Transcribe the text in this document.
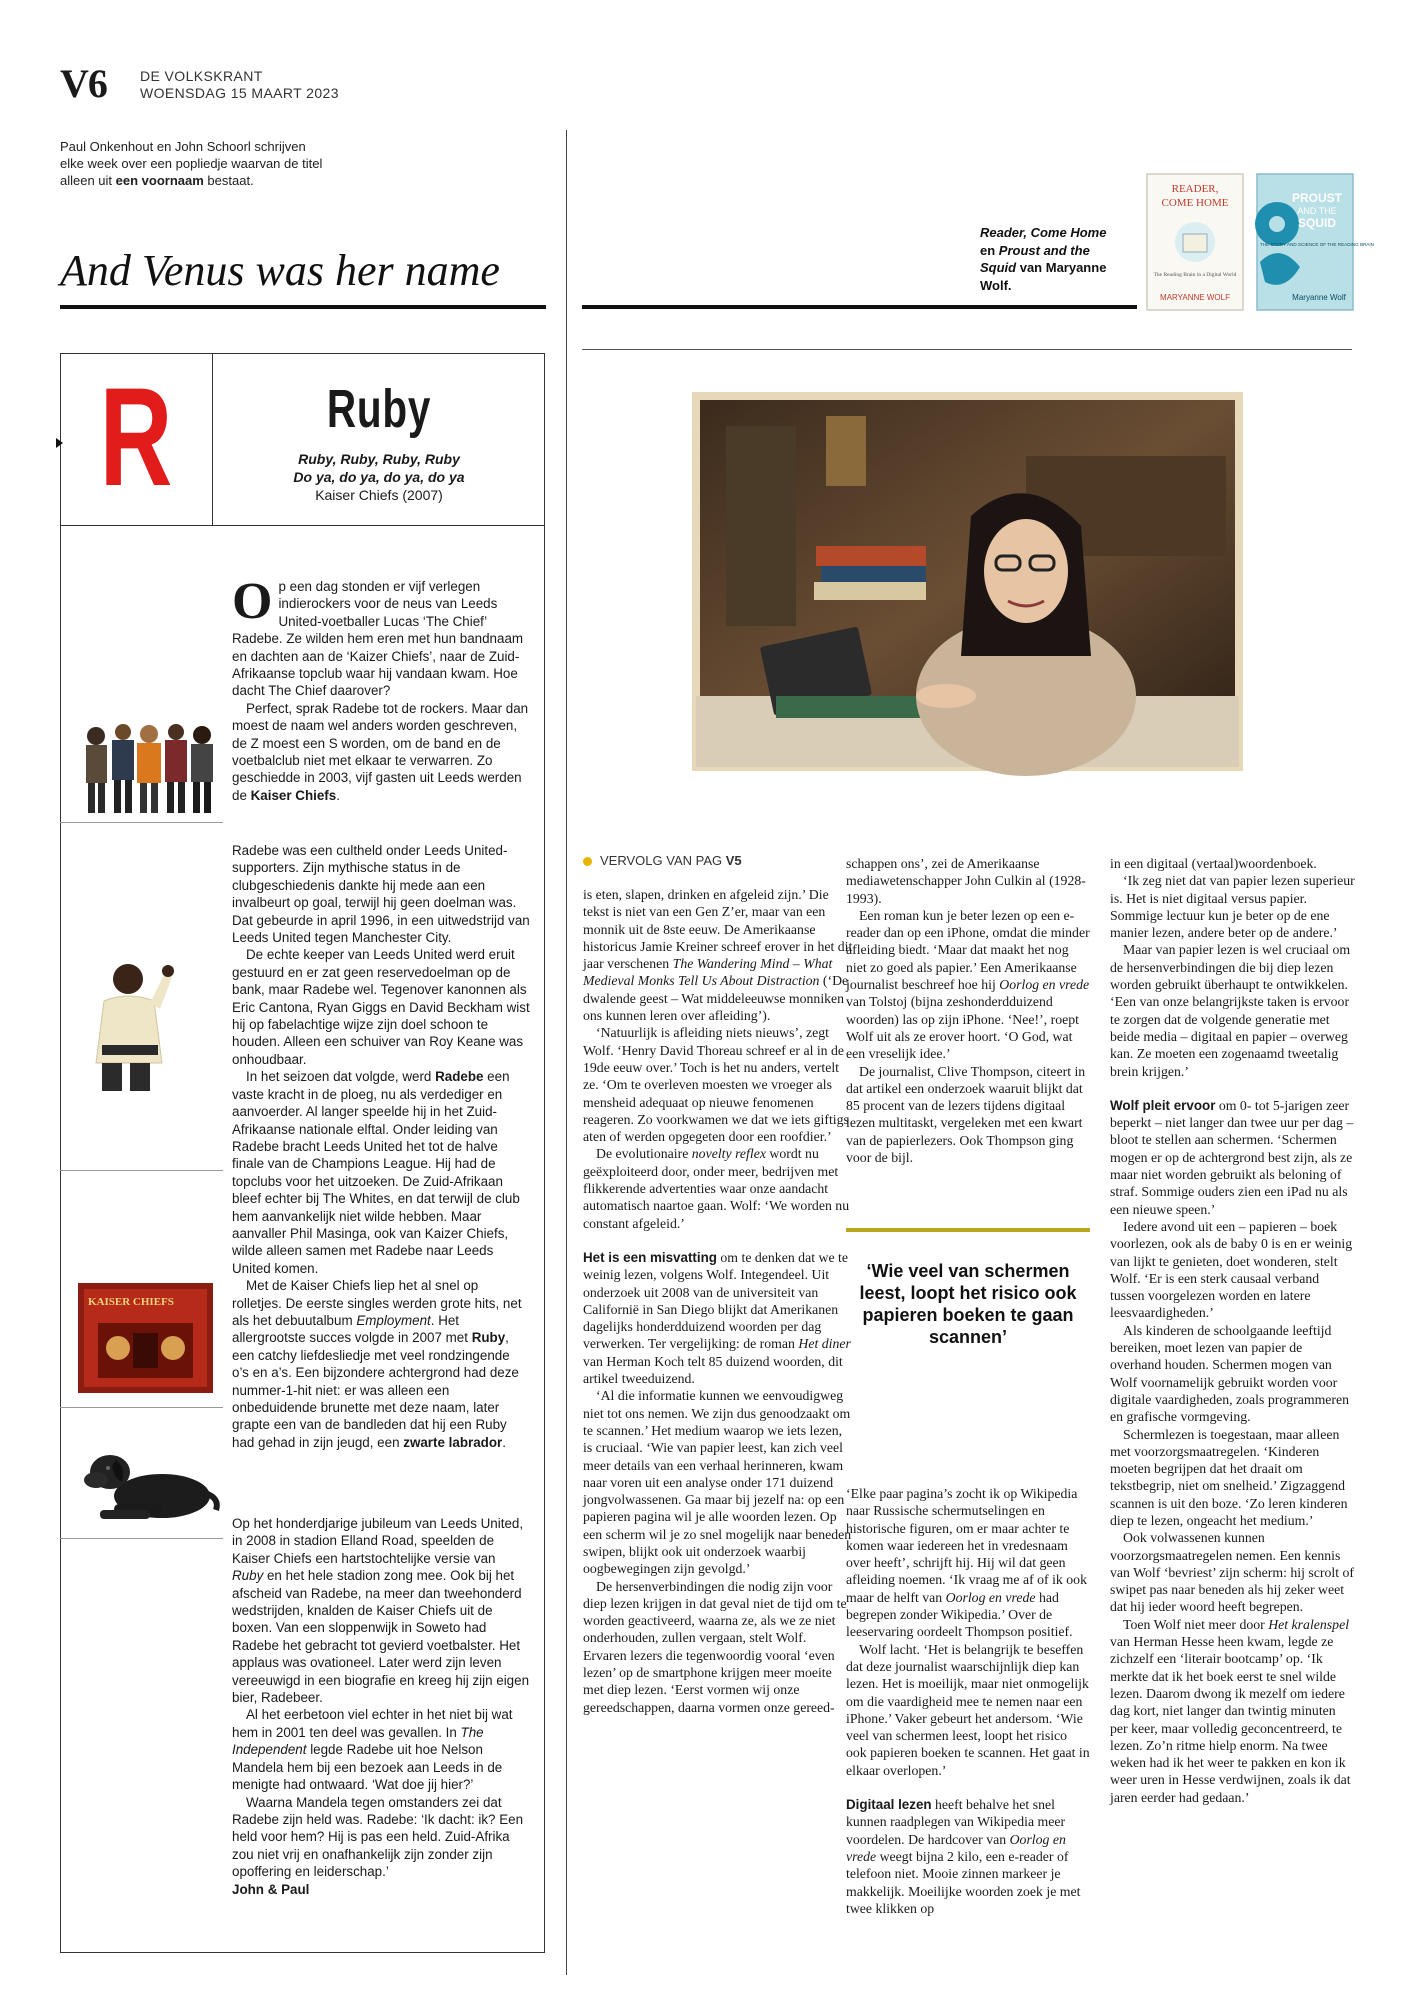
V6 DE VOLKSKRANT
WOENSDAG 15 MAART 2023
Paul Onkenhout en John Schoorl schrijven
elke week over een popliedje waarvan de titel
alleen uit een voornaam bestaat.
And Venus was her name
R	Ruby
Ruby, Ruby, Ruby, Ruby
Do ya, do ya, do ya, do ya
Kaiser Chiefs (2007)
KAISER CHIEFS

Op een dag stonden er vijf verlegen indierockers voor de neus van Leeds United-voetballer Lucas ‘The Chief’ Radebe. Ze wilden hem eren met hun bandnaam en dachten aan de ‘Kaizer Chiefs’, naar de Zuid-Afrikaanse topclub waar hij vandaan kwam. Hoe dacht The Chief daarover?

Perfect, sprak Radebe tot de rockers. Maar dan moest de naam wel anders worden geschreven, de Z moest een S worden, om de band en de voetbalclub niet met elkaar te verwarren. Zo geschiedde in 2003, vijf gasten uit Leeds werden de Kaiser Chiefs.

Radebe was een cultheld onder Leeds United-supporters. Zijn mythische status in de clubgeschiedenis dankte hij mede aan een invalbeurt op goal, terwijl hij geen doelman was. Dat gebeurde in april 1996, in een uitwedstrijd van Leeds United tegen Manchester City.

De echte keeper van Leeds United werd eruit gestuurd en er zat geen reservedoelman op de bank, maar Radebe wel. Tegenover kanonnen als Eric Cantona, Ryan Giggs en David Beckham wist hij op fabelachtige wijze zijn doel schoon te houden. Alleen een schuiver van Roy Keane was onhoudbaar.

In het seizoen dat volgde, werd Radebe een vaste kracht in de ploeg, nu als verdediger en aanvoerder. Al langer speelde hij in het Zuid-Afrikaanse nationale elftal. Onder leiding van Radebe bracht Leeds United het tot de halve finale van de Champions League. Hij had de topclubs voor het uitzoeken. De Zuid-Afrikaan bleef echter bij The Whites, en dat terwijl de club hem aanvankelijk niet wilde hebben. Maar aanvaller Phil Masinga, ook van Kaizer Chiefs, wilde alleen samen met Radebe naar Leeds United komen.

Met de Kaiser Chiefs liep het al snel op rolletjes. De eerste singles werden grote hits, net als het debuutalbum Employment. Het allergrootste succes volgde in 2007 met Ruby, een catchy liefdesliedje met veel rondzingende o’s en a’s. Een bijzondere achtergrond had deze nummer-1-hit niet: er was alleen een onbeduidende brunette met deze naam, later grapte een van de bandleden dat hij een Ruby had gehad in zijn jeugd, een zwarte labrador.

Op het honderdjarige jubileum van Leeds United, in 2008 in stadion Elland Road, speelden de Kaiser Chiefs een hartstochtelijke versie van Ruby en het hele stadion zong mee. Ook bij het afscheid van Radebe, na meer dan tweehonderd wedstrijden, knalden de Kaiser Chiefs uit de boxen. Van een sloppenwijk in Soweto had Radebe het gebracht tot gevierd voetbalster. Het applaus was ovationeel. Later werd zijn leven vereeuwigd in een biografie en kreeg hij zijn eigen bier, Radebeer.

Al het eerbetoon viel echter in het niet bij wat hem in 2001 ten deel was gevallen. In The Independent legde Radebe uit hoe Nelson Mandela hem bij een bezoek aan Leeds in de menigte had ontwaard. ‘Wat doe jij hier?’

Waarna Mandela tegen omstanders zei dat Radebe zijn held was. Radebe: ‘Ik dacht: ik? Een held voor hem? Hij is pas een held. Zuid-Afrika zou niet vrij en onafhankelijk zijn zonder zijn opoffering en leiderschap.’

John & Paul

Reader, Come Home en Proust and the Squid van Maryanne Wolf.
READER,
COME HOME
The Reading Brain in a Digital World
MARYANNE WOLF
PROUST
AND THE
SQUID
THE STORY AND SCIENCE OF THE READING BRAIN
Maryanne Wolf
VERVOLG VAN PAG V5

is eten, slapen, drinken en afgeleid zijn.’ Die tekst is niet van een Gen Z’er, maar van een monnik uit de 8ste eeuw. De Amerikaanse historicus Jamie Kreiner schreef erover in het dit jaar verschenen The Wandering Mind – What Medieval Monks Tell Us About Distraction (‘De dwalende geest – Wat middeleeuwse monniken ons kunnen leren over afleiding’).

‘Natuurlijk is afleiding niets nieuws’, zegt Wolf. ‘Henry David Thoreau schreef er al in de 19de eeuw over.’ Toch is het nu anders, vertelt ze. ‘Om te overleven moesten we vroeger als mensheid adequaat op nieuwe fenomenen reageren. Zo voorkwamen we dat we iets giftigs aten of werden opgegeten door een roofdier.’

De evolutionaire novelty reflex wordt nu geëxploiteerd door, onder meer, bedrijven met flikkerende advertenties waar onze aandacht automatisch naartoe gaan. Wolf: ‘We worden nu constant afgeleid.’

Het is een misvatting om te denken dat we te weinig lezen, volgens Wolf. Integendeel. Uit onderzoek uit 2008 van de universiteit van Californië in San Diego blijkt dat Amerikanen dagelijks honderdduizend woorden per dag verwerken. Ter vergelijking: de roman Het diner van Herman Koch telt 85 duizend woorden, dit artikel tweeduizend.

‘Al die informatie kunnen we eenvoudigweg niet tot ons nemen. We zijn dus genoodzaakt om te scannen.’ Het medium waarop we iets lezen, is cruciaal. ‘Wie van papier leest, kan zich veel meer details van een verhaal herinneren, kwam naar voren uit een analyse onder 171 duizend jongvolwassenen. Ga maar bij jezelf na: op een papieren pagina wil je alle woorden lezen. Op een scherm wil je zo snel mogelijk naar beneden swipen, blijkt ook uit onderzoek waarbij oogbewegingen zijn gevolgd.’

De hersenverbindingen die nodig zijn voor diep lezen krijgen in dat geval niet de tijd om te worden geactiveerd, waarna ze, als we ze niet onderhouden, zullen vergaan, stelt Wolf. Ervaren lezers die tegenwoordig vooral ‘even lezen’ op de smartphone krijgen meer moeite met diep lezen. ‘Eerst vormen wij onze gereedschappen, daarna vormen onze gereed-

schappen ons’, zei de Amerikaanse mediawetenschapper John Culkin al (1928-1993).

Een roman kun je beter lezen op een e-reader dan op een iPhone, omdat die minder afleiding biedt. ‘Maar dat maakt het nog niet zo goed als papier.’ Een Amerikaanse journalist beschreef hoe hij Oorlog en vrede van Tolstoj (bijna zeshonderdduizend woorden) las op zijn iPhone. ‘Nee!’, roept Wolf uit als ze erover hoort. ‘O God, wat een vreselijk idee.’

De journalist, Clive Thompson, citeert in dat artikel een onderzoek waaruit blijkt dat 85 procent van de lezers tijdens digitaal lezen multitaskt, vergeleken met een kwart van de papierlezers. Ook Thompson ging voor de bijl.

‘Wie veel van schermen leest, loopt het risico ook papieren boeken te gaan scannen’

‘Elke paar pagina’s zocht ik op Wikipedia naar Russische schermutselingen en historische figuren, om er maar achter te komen waar iedereen het in vredesnaam over heeft’, schrijft hij. Hij wil dat geen afleiding noemen. ‘Ik vraag me af of ik ook maar de helft van Oorlog en vrede had begrepen zonder Wikipedia.’ Over de leeservaring oordeelt Thompson positief.

Wolf lacht. ‘Het is belangrijk te beseffen dat deze journalist waarschijnlijk diep kan lezen. Het is moeilijk, maar niet onmogelijk om die vaardigheid mee te nemen naar een iPhone.’ Vaker gebeurt het andersom. ‘Wie veel van schermen leest, loopt het risico ook papieren boeken te scannen. Het gaat in elkaar overlopen.’

Digitaal lezen heeft behalve het snel kunnen raadplegen van Wikipedia meer voordelen. De hardcover van Oorlog en vrede weegt bijna 2 kilo, een e-reader of telefoon niet. Mooie zinnen markeer je makkelijk. Moeilijke woorden zoek je met twee klikken op

in een digitaal (vertaal)woordenboek.

‘Ik zeg niet dat van papier lezen superieur is. Het is niet digitaal versus papier. Sommige lectuur kun je beter op de ene manier lezen, andere beter op de andere.’

Maar van papier lezen is wel cruciaal om de hersenverbindingen die bij diep lezen worden gebruikt überhaupt te ontwikkelen. ‘Een van onze belangrijkste taken is ervoor te zorgen dat de volgende generatie met beide media – digitaal en papier – overweg kan. Ze moeten een zogenaamd tweetalig brein krijgen.’

Wolf pleit ervoor om 0- tot 5-jarigen zeer beperkt – niet langer dan twee uur per dag – bloot te stellen aan schermen. ‘Schermen mogen er op de achtergrond best zijn, als ze maar niet worden gebruikt als beloning of straf. Sommige ouders zien een iPad nu als een nieuwe speen.’

Iedere avond uit een – papieren – boek voorlezen, ook als de baby 0 is en er weinig van lijkt te genieten, doet wonderen, stelt Wolf. ‘Er is een sterk causaal verband tussen voorgelezen worden en latere leesvaardigheden.’

Als kinderen de schoolgaande leeftijd bereiken, moet lezen van papier de overhand houden. Schermen mogen van Wolf voornamelijk gebruikt worden voor digitale vaardigheden, zoals programmeren en grafische vormgeving.

Schermlezen is toegestaan, maar alleen met voorzorgsmaatregelen. ‘Kinderen moeten begrijpen dat het draait om tekstbegrip, niet om snelheid.’ Zigzaggend scannen is uit den boze. ‘Zo leren kinderen diep te lezen, ongeacht het medium.’

Ook volwassenen kunnen voorzorgsmaatregelen nemen. Een kennis van Wolf ‘bevriest’ zijn scherm: hij scrolt of swipet pas naar beneden als hij zeker weet dat hij ieder woord heeft begrepen.

Toen Wolf niet meer door Het kralenspel van Herman Hesse heen kwam, legde ze zichzelf een ‘literair bootcamp’ op. ‘Ik merkte dat ik het boek eerst te snel wilde lezen. Daarom dwong ik mezelf om iedere dag kort, niet langer dan twintig minuten per keer, maar volledig geconcentreerd, te lezen. Zo’n ritme hielp enorm. Na twee weken had ik het weer te pakken en kon ik weer uren in Hesse verdwijnen, zoals ik dat jaren eerder had gedaan.’
